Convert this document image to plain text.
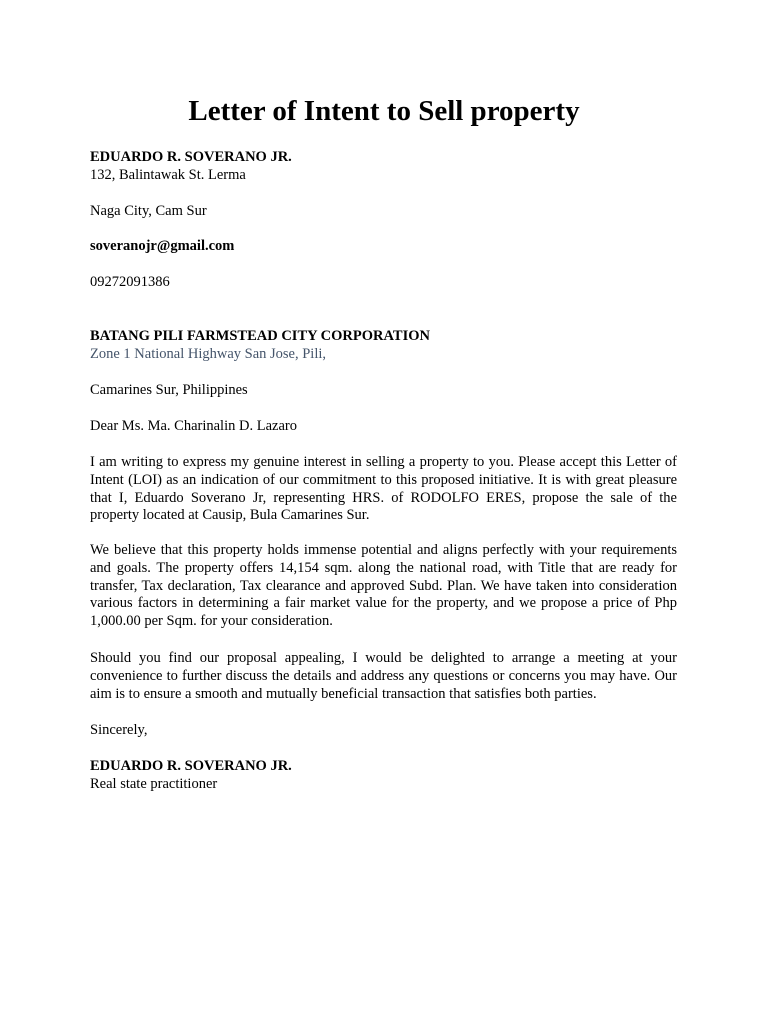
Letter of Intent to Sell property
EDUARDO R. SOVERANO JR.
132, Balintawak St. Lerma
Naga City, Cam Sur
soveranojr@gmail.com
09272091386
BATANG PILI FARMSTEAD CITY CORPORATION
Zone 1 National Highway San Jose, Pili,
Camarines Sur, Philippines
Dear Ms. Ma. Charinalin D. Lazaro

I am writing to express my genuine interest in selling a property to you. Please accept this Letter of Intent (LOI) as an indication of our commitment to this proposed initiative. It is with great pleasure that I, Eduardo Soverano Jr, representing HRS. of RODOLFO ERES, propose the sale of the property located at Causip, Bula Camarines Sur.

We believe that this property holds immense potential and aligns perfectly with your requirements and goals. The property offers 14,154 sqm. along the national road, with Title that are ready for transfer, Tax declaration, Tax clearance and approved Subd. Plan. We have taken into consideration various factors in determining a fair market value for the property, and we propose a price of Php 1,000.00 per Sqm. for your consideration.

Should you find our proposal appealing, I would be delighted to arrange a meeting at your convenience to further discuss the details and address any questions or concerns you may have. Our aim is to ensure a smooth and mutually beneficial transaction that satisfies both parties.

Sincerely,
EDUARDO R. SOVERANO JR.
Real state practitioner
